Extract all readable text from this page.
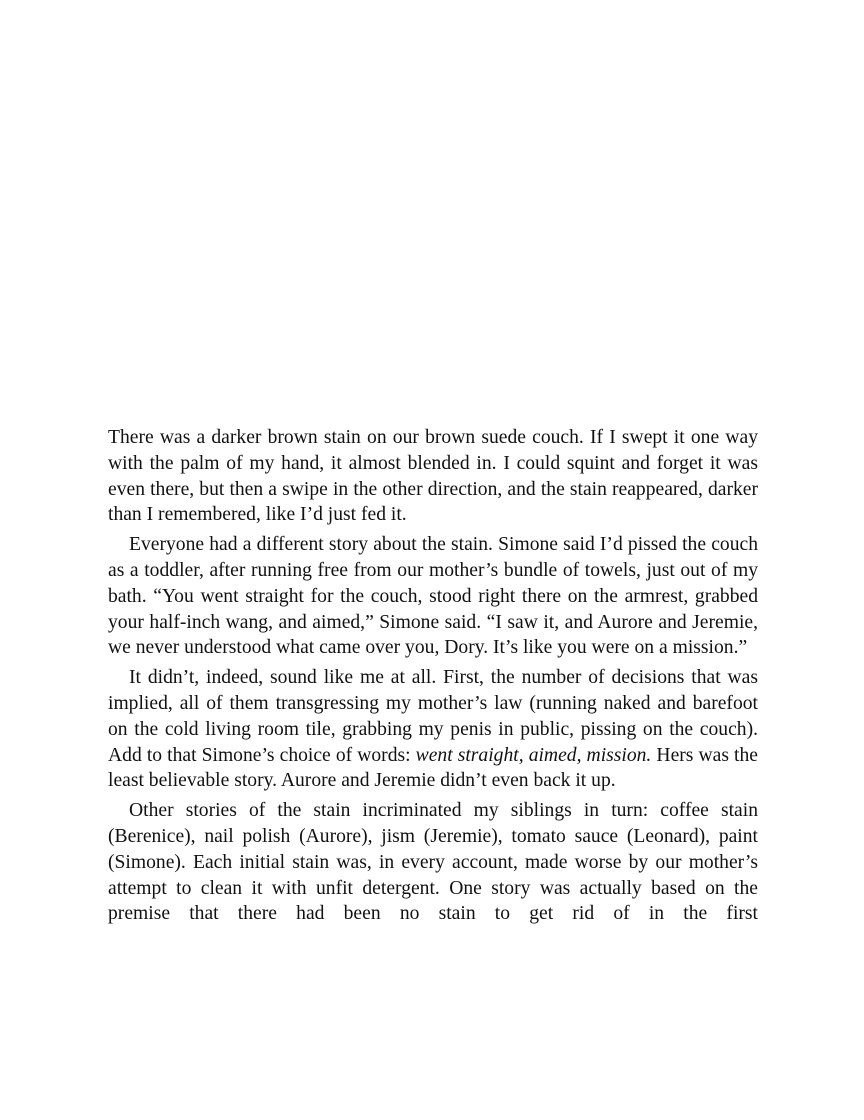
There was a darker brown stain on our brown suede couch. If I swept it one way with the palm of my hand, it almost blended in. I could squint and forget it was even there, but then a swipe in the other direction, and the stain reappeared, darker than I remembered, like I’d just fed it.

Everyone had a different story about the stain. Simone said I’d pissed the couch as a toddler, after running free from our mother’s bundle of towels, just out of my bath. “You went straight for the couch, stood right there on the armrest, grabbed your half-inch wang, and aimed,” Simone said. “I saw it, and Aurore and Jeremie, we never understood what came over you, Dory. It’s like you were on a mission.”

It didn’t, indeed, sound like me at all. First, the number of decisions that was implied, all of them transgressing my mother’s law (running naked and barefoot on the cold living room tile, grabbing my penis in public, pissing on the couch). Add to that Simone’s choice of words: went straight, aimed, mission. Hers was the least believable story. Aurore and Jeremie didn’t even back it up.

Other stories of the stain incriminated my siblings in turn: coffee stain (Berenice), nail polish (Aurore), jism (Jeremie), tomato sauce (Leonard), paint (Simone). Each initial stain was, in every account, made worse by our mother’s attempt to clean it with unfit detergent. One story was actually based on the premise that there had been no stain to get rid of in the first
